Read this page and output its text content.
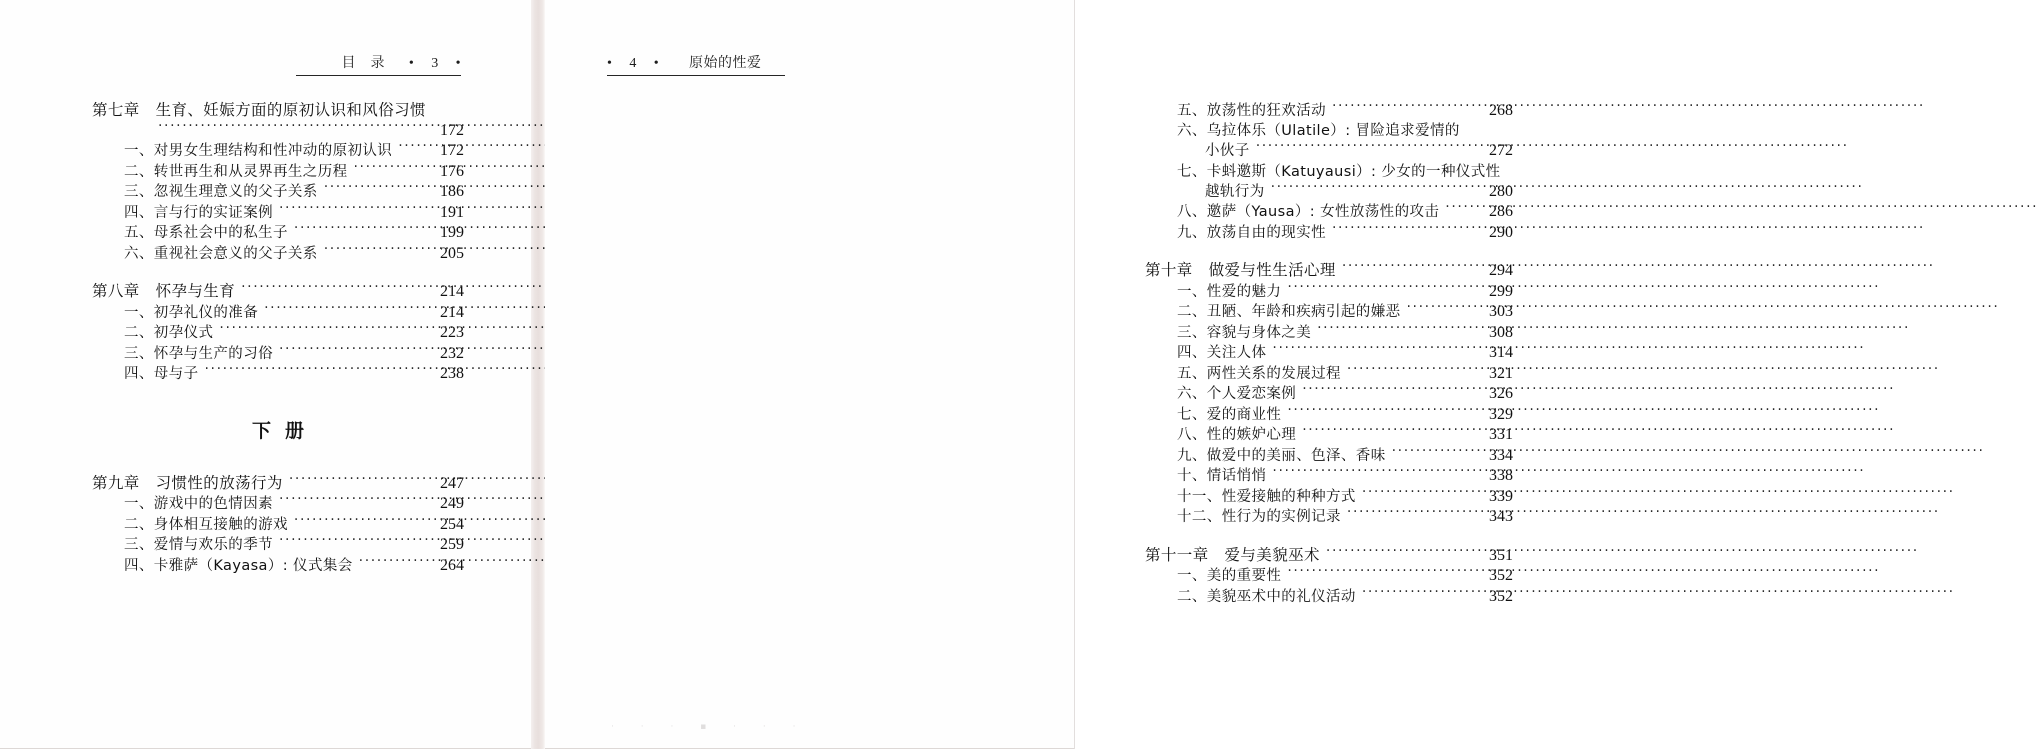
目　录 • 3 •
第七章　生育、妊娠方面的原初认识和风俗习惯
·····
172
一、对男女生理结构和性冲动的原初认识 ·····	172
二、转世再生和从灵界再生之历程 ·····	176
三、忽视生理意义的父子关系 ·····	186
四、言与行的实证案例 ·····	191
五、母系社会中的私生子 ·····	199
六、重视社会意义的父子关系 ·····	205
第八章　怀孕与生育 ·····	214
一、初孕礼仪的准备 ·····	214
二、初孕仪式 ·····	223
三、怀孕与生产的习俗 ·····	232
四、母与子 ·····	238
下册
第九章　习惯性的放荡行为 ·····	247
一、游戏中的色情因素 ·····	249
二、身体相互接触的游戏 ·····	254
三、爱情与欢乐的季节 ·····	259
四、卡雅萨（Kayasa）: 仪式集会 ·····	264
• 4 • 原始的性爱
五、放荡性的狂欢活动 ·····	268
六、乌拉体乐（Ulatile）: 冒险追求爱情的
小伙子 ·····	272
七、卡蚪邀斯（Katuyausi）: 少女的一种仪式性
越轨行为 ·····	280
八、邀萨（Yausa）: 女性放荡性的攻击 ·····	286
九、放荡自由的现实性 ·····	290
第十章　做爱与性生活心理 ·····	294
一、性爱的魅力 ·····	299
二、丑陋、年龄和疾病引起的嫌恶 ·····	303
三、容貌与身体之美 ·····	308
四、关注人体 ·····	314
五、两性关系的发展过程 ·····	321
六、个人爱恋案例 ·····	326
七、爱的商业性 ·····	329
八、性的嫉妒心理 ·····	331
九、做爱中的美丽、色泽、香味 ·····	334
十、情话悄悄 ·····	338
十一、性爱接触的种种方式 ·····	339
十二、性行为的实例记录 ·····	343
第十一章　爱与美貌巫术 ·····	351
一、美的重要性 ·····	352
二、美貌巫术中的礼仪活动 ·····	352
· · · ▪ · · ·
